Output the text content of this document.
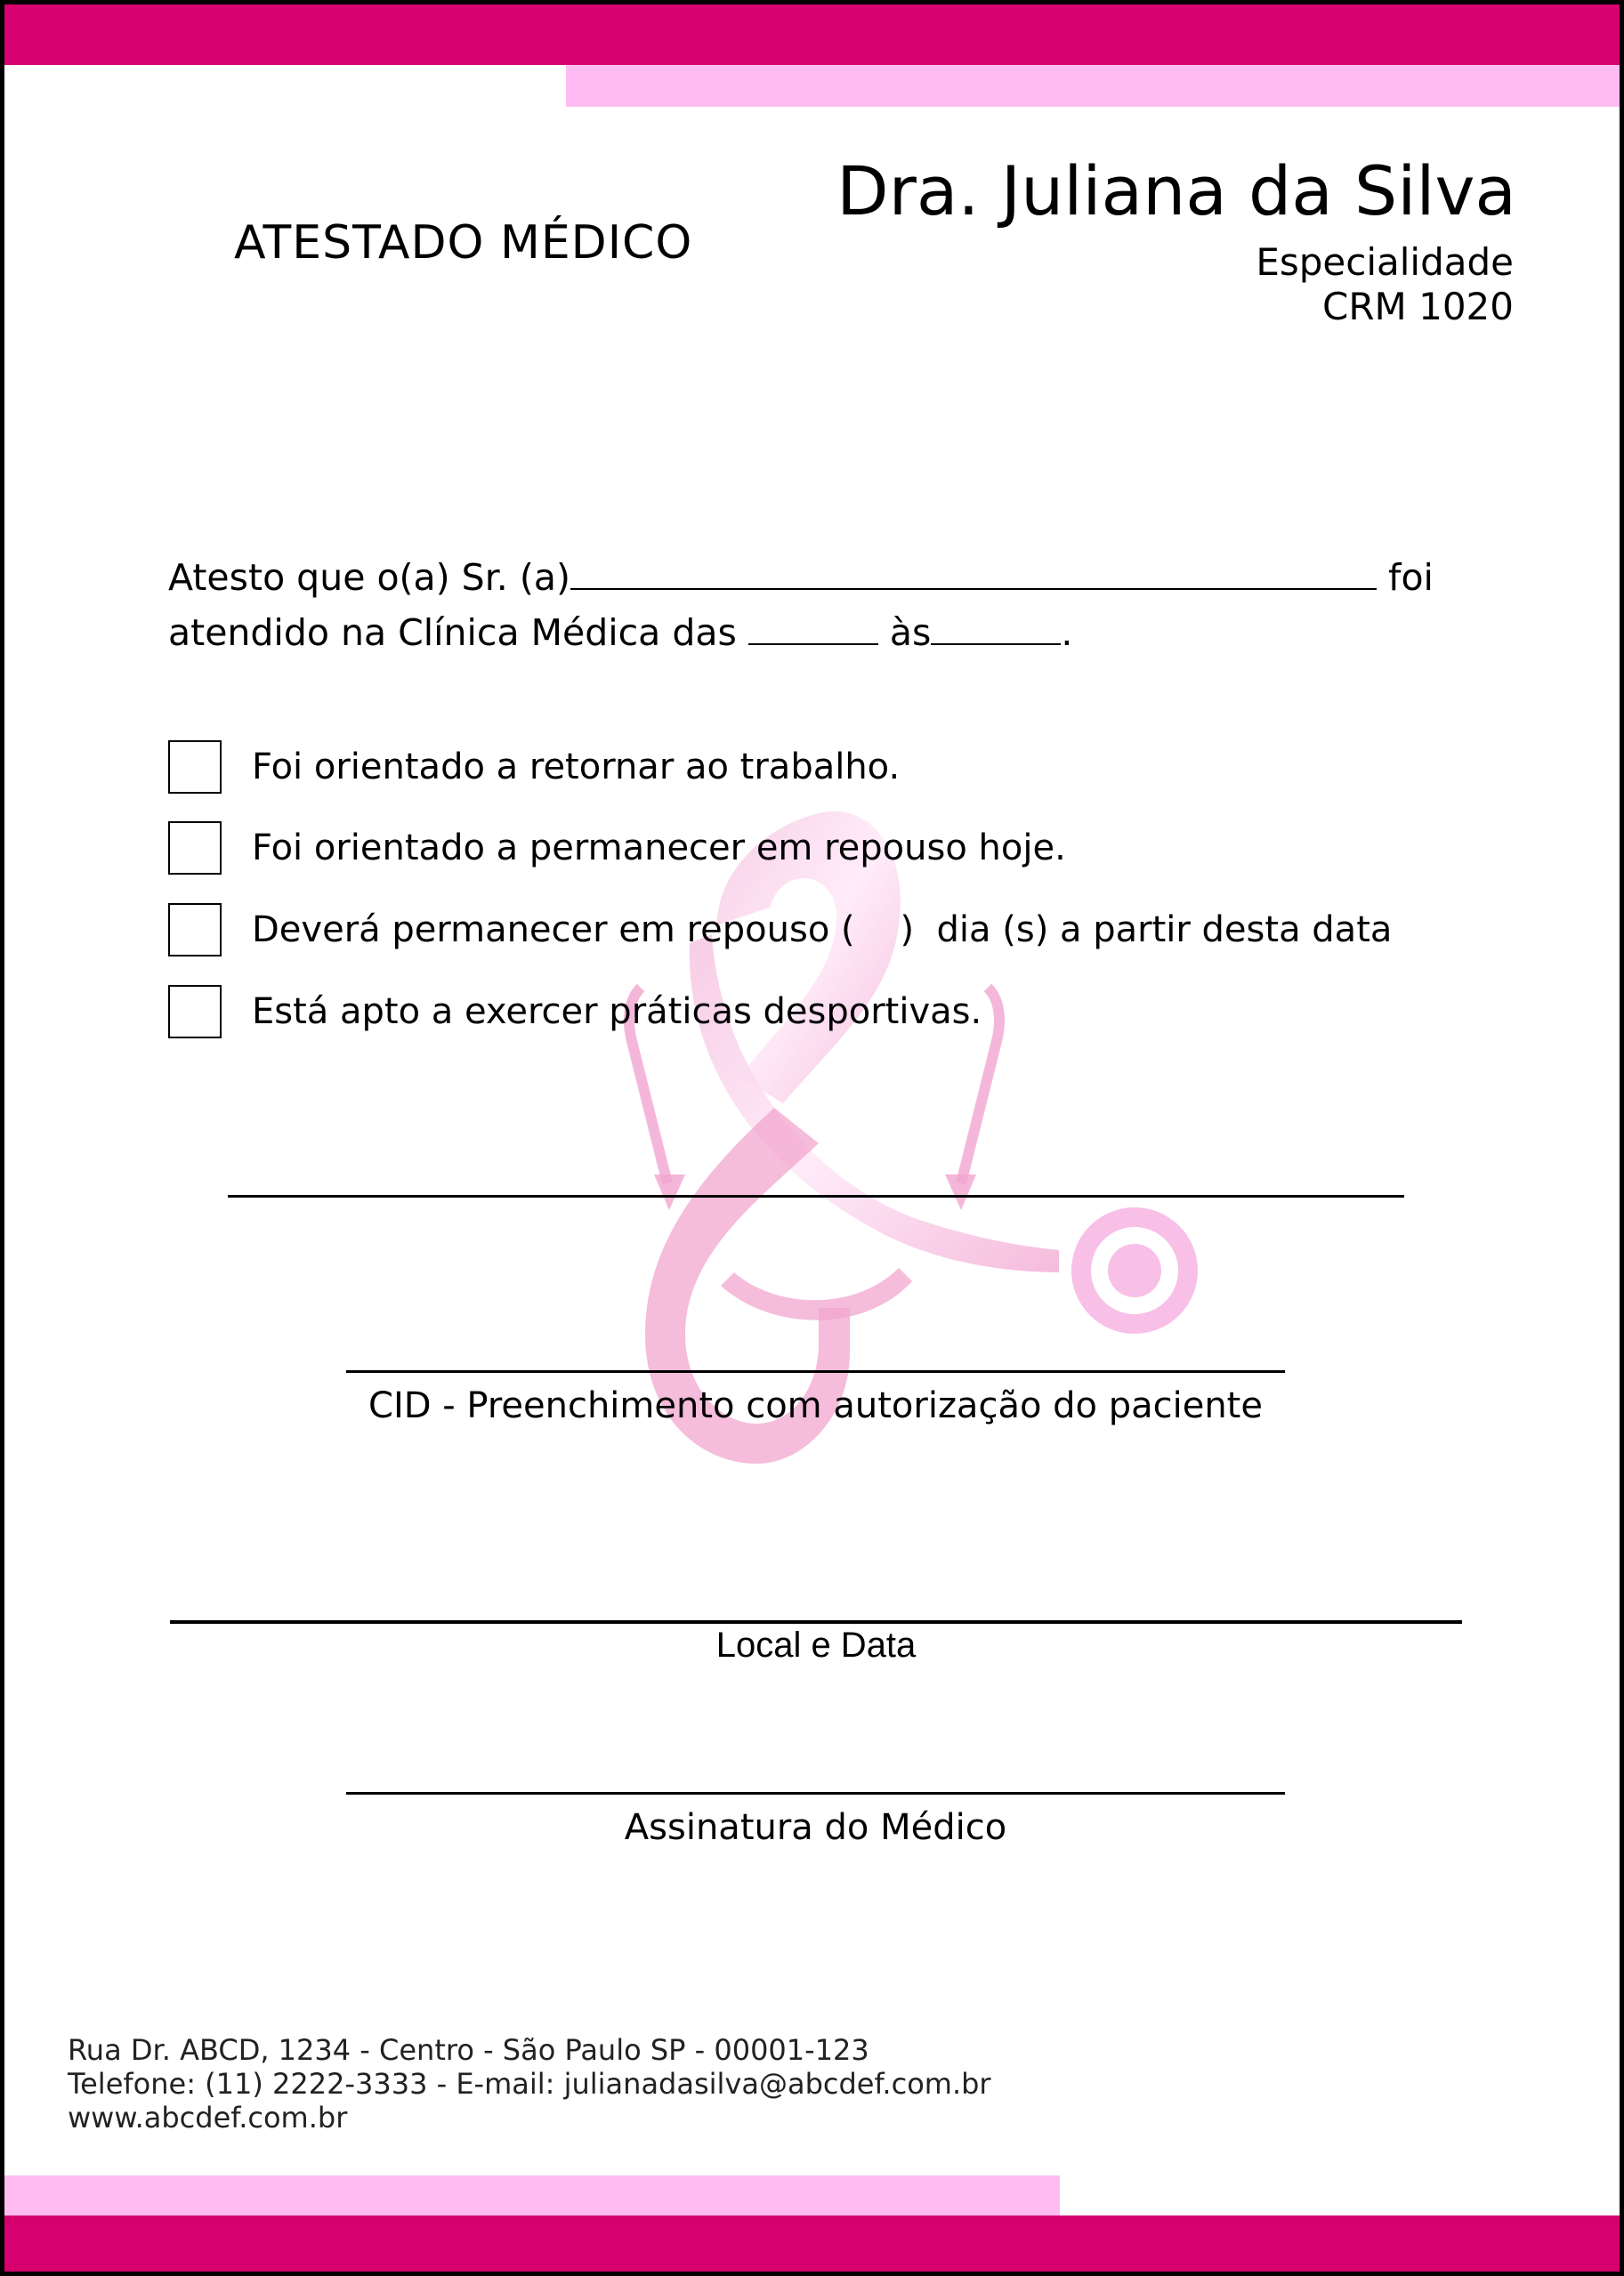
ATESTADO MÉDICO
Dra. Juliana da Silva
Especialidade
CRM 1020
Atesto que o(a) Sr. (a)	foi
atendido na Clínica Médica das	às	.
Foi orientado a retornar ao trabalho.
Foi orientado a permanecer em repouso hoje.
Deverá permanecer em repouso (    )  dia (s) a partir desta data
Está apto a exercer práticas desportivas.
CID - Preenchimento com autorização do paciente
Local e Data
Assinatura do Médico
Rua Dr. ABCD, 1234 - Centro - São Paulo SP - 00001-123
Telefone: (11) 2222-3333 - E-mail: julianadasilva@abcdef.com.br
www.abcdef.com.br
